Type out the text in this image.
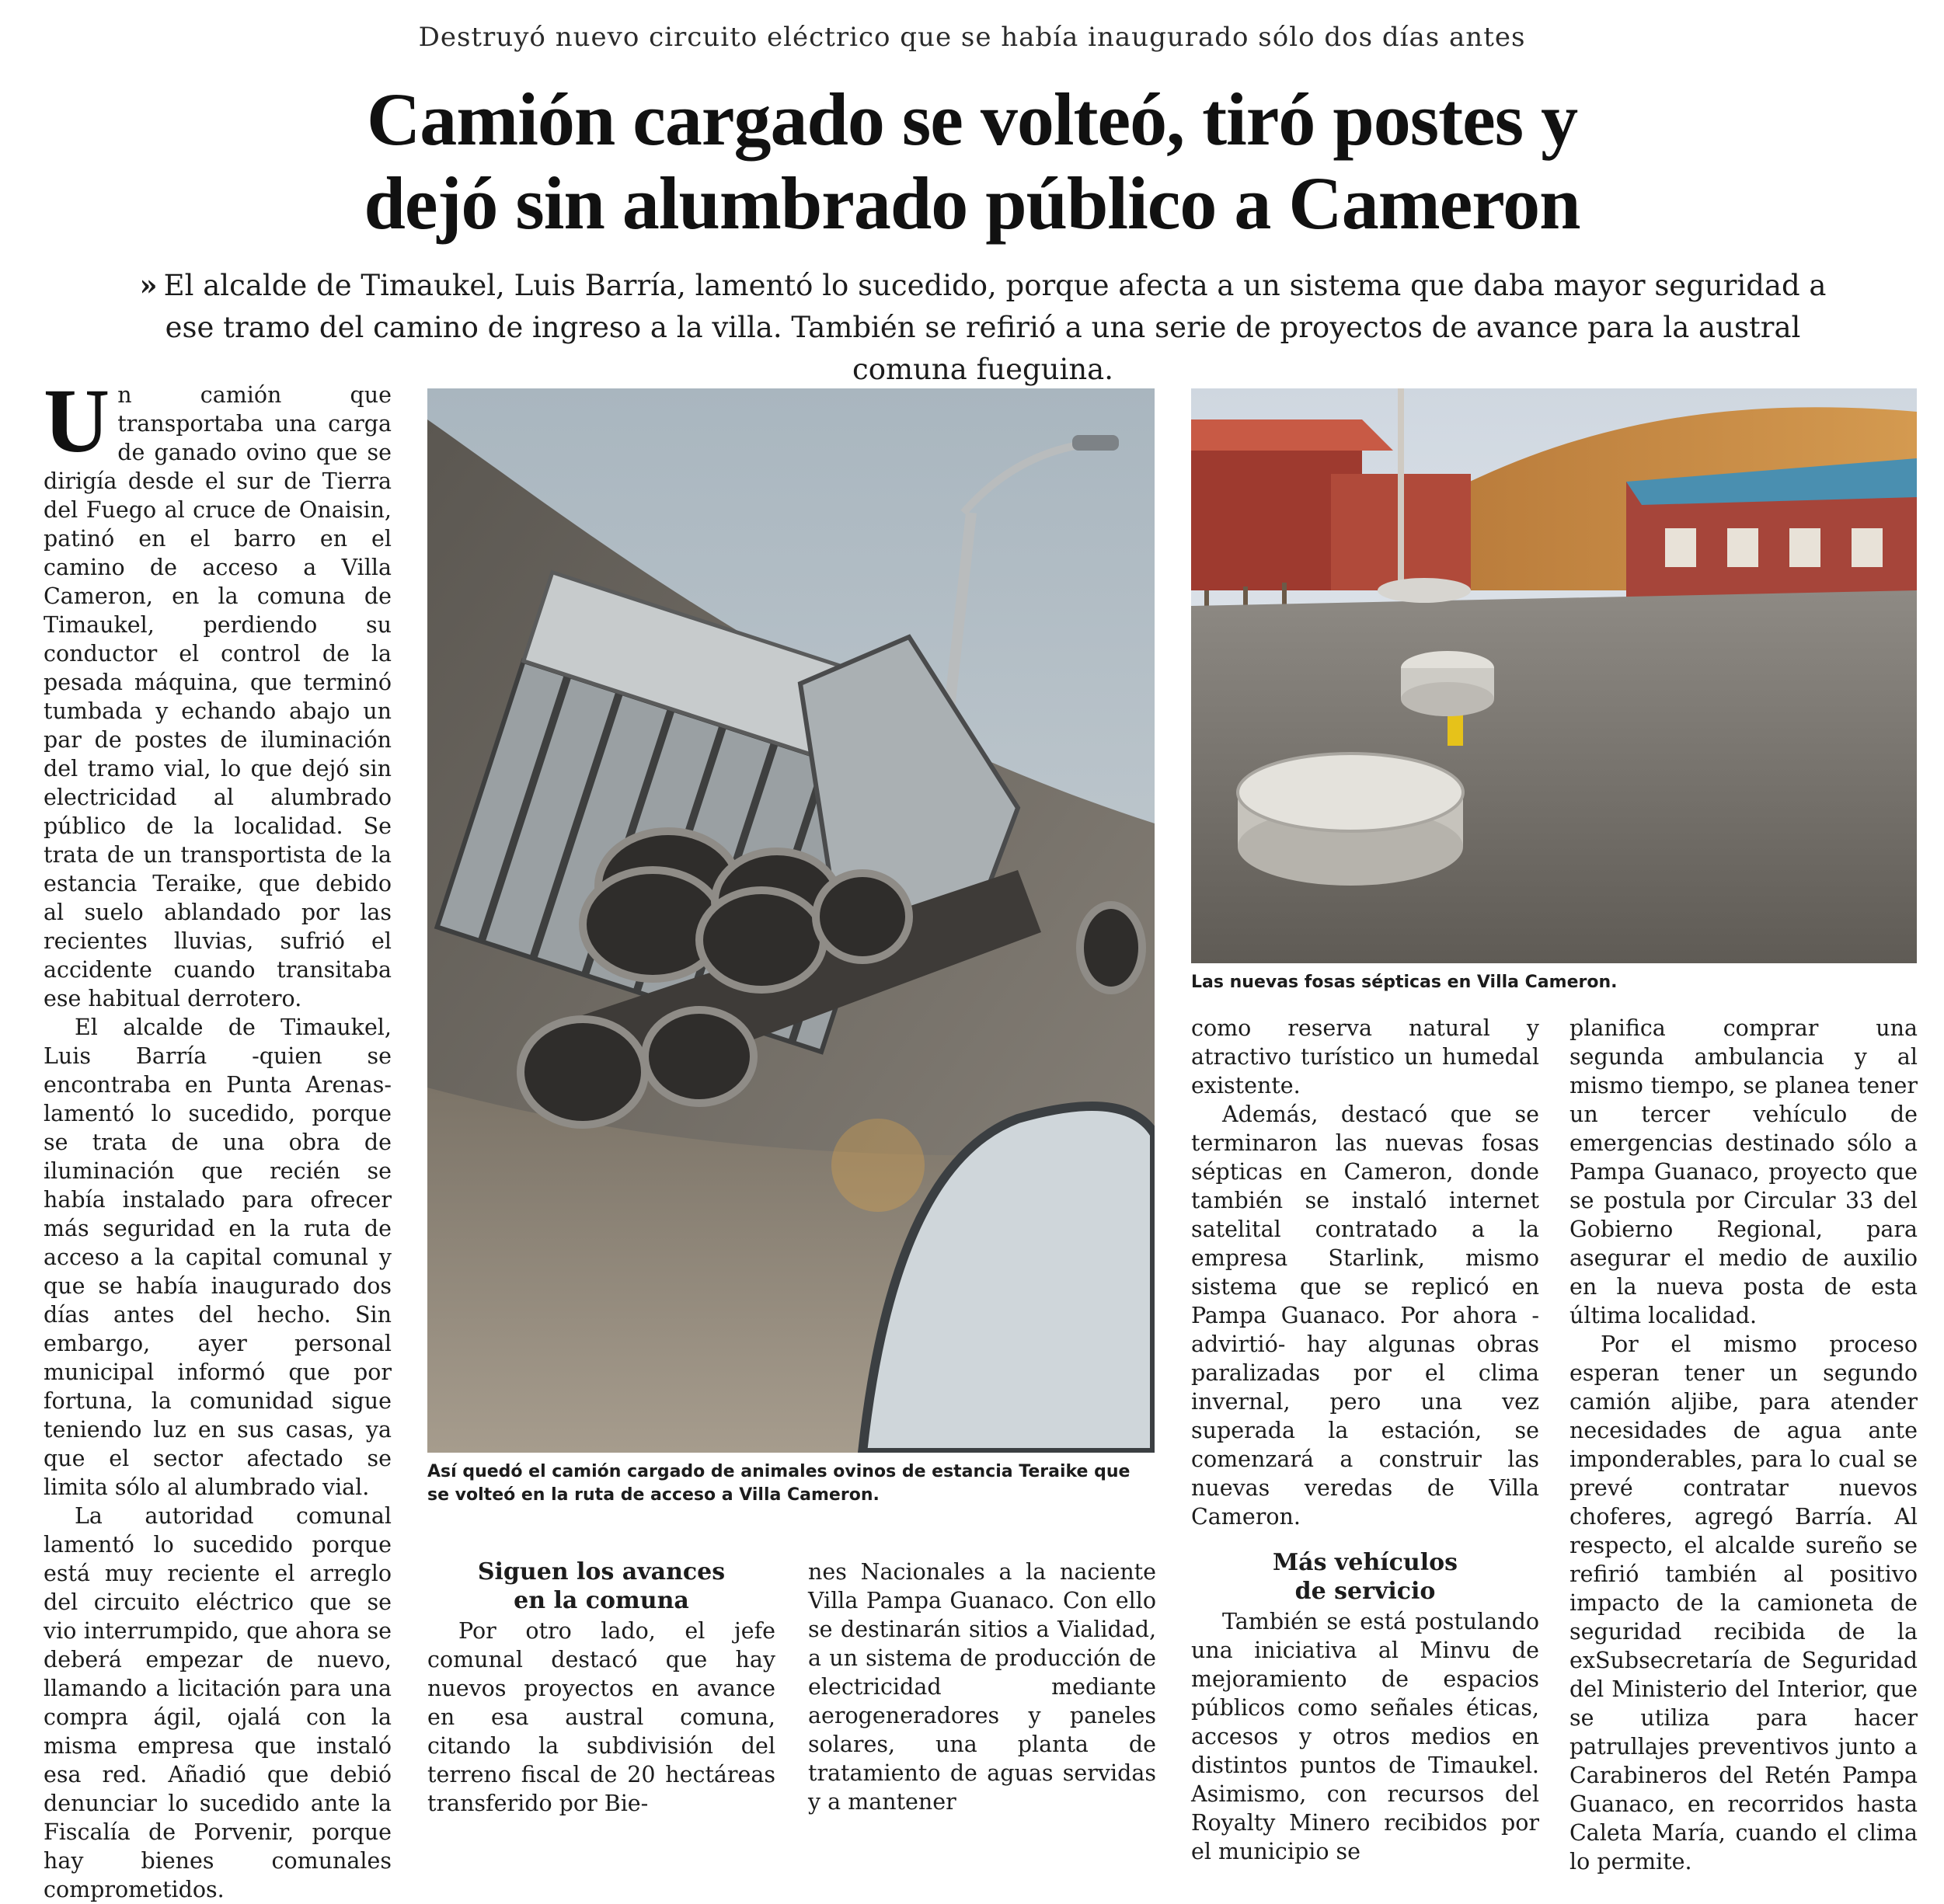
Destruyó nuevo circuito eléctrico que se había inaugurado sólo dos días antes
Camión cargado se volteó, tiró postes y
dejó sin alumbrado público a Cameron
» El alcalde de Timaukel, Luis Barría, lamentó lo sucedido, porque afecta a un sistema que daba mayor seguridad a ese tramo del camino de ingreso a la villa. También se refirió a una serie de proyectos de avance para la austral comuna fueguina.

Un camión que transportaba una carga de ganado ovino que se dirigía desde el sur de Tierra del Fuego al cruce de Onaisin, patinó en el barro en el camino de acceso a Villa Cameron, en la comuna de Timaukel, perdiendo su conductor el control de la pesada máquina, que terminó tumbada y echando abajo un par de postes de iluminación del tramo vial, lo que dejó sin electricidad al alumbrado público de la localidad. Se trata de un transportista de la estancia Teraike, que debido al suelo ablandado por las recientes lluvias, sufrió el accidente cuando transitaba ese habitual derrotero.

El alcalde de Timaukel, Luis Barría -quien se encontraba en Punta Arenas- lamentó lo sucedido, porque se trata de una obra de iluminación que recién se había instalado para ofrecer más seguridad en la ruta de acceso a la capital comunal y que se había inaugurado dos días antes del hecho. Sin embargo, ayer personal municipal informó que por fortuna, la comunidad sigue teniendo luz en sus casas, ya que el sector afectado se limita sólo al alumbrado vial.

La autoridad comunal lamentó lo sucedido porque está muy reciente el arreglo del circuito eléctrico que se vio interrumpido, que ahora se deberá empezar de nuevo, llamando a licitación para una compra ágil, ojalá con la misma empresa que instaló esa red. Añadió que debió denunciar lo sucedido ante la Fiscalía de Porvenir, porque hay bienes comunales comprometidos.

Así quedó el camión cargado de animales ovinos de estancia Teraike que se volteó en la ruta de acceso a Villa Cameron.
Las nuevas fosas sépticas en Villa Cameron.
Siguen los avances
en la comuna

Por otro lado, el jefe comunal destacó que hay nuevos proyectos en avance en esa austral comuna, citando la subdivisión del terreno fiscal de 20 hectáreas transferido por Bie-

nes Nacionales a la naciente Villa Pampa Guanaco. Con ello se destinarán sitios a Vialidad, a un sistema de producción de electricidad mediante aerogeneradores y paneles solares, una planta de tratamiento de aguas servidas y a mantener

como reserva natural y atractivo turístico un humedal existente.

Además, destacó que se terminaron las nuevas fosas sépticas en Cameron, donde también se instaló internet satelital contratado a la empresa Starlink, mismo sistema que se replicó en Pampa Guanaco. Por ahora -advirtió- hay algunas obras paralizadas por el clima invernal, pero una vez superada la estación, se comenzará a construir las nuevas veredas de Villa Cameron.

Más vehículos
de servicio

También se está postulando una iniciativa al Minvu de mejoramiento de espacios públicos como señales éticas, accesos y otros medios en distintos puntos de Timaukel. Asimismo, con recursos del Royalty Minero recibidos por el municipio se

planifica comprar una segunda ambulancia y al mismo tiempo, se planea tener un tercer vehículo de emergencias destinado sólo a Pampa Guanaco, proyecto que se postula por Circular 33 del Gobierno Regional, para asegurar el medio de auxilio en la nueva posta de esta última localidad.

Por el mismo proceso esperan tener un segundo camión aljibe, para atender necesidades de agua ante imponderables, para lo cual se prevé contratar nuevos choferes, agregó Barría. Al respecto, el alcalde sureño se refirió también al positivo impacto de la camioneta de seguridad recibida de la exSubsecretaría de Seguridad del Ministerio del Interior, que se utiliza para hacer patrullajes preventivos junto a Carabineros del Retén Pampa Guanaco, en recorridos hasta Caleta María, cuando el clima lo permite.
